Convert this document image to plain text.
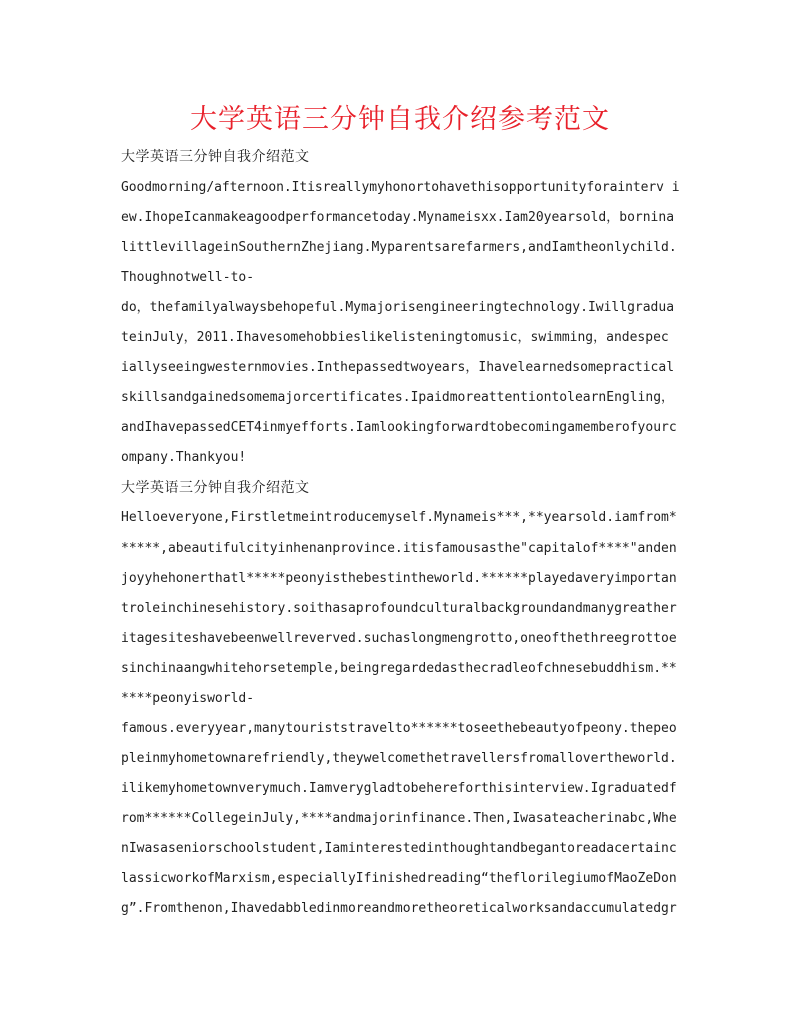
大学英语三分钟自我介绍参考范文
大学英语三分钟自我介绍范文
Goodmorning/afternoon.Itisreallymyhonortohavethisopportunityforainterv i
ew.IhopeIcanmakeagoodperformancetoday.Mynameisxx.Iam20yearsold，bornina
littlevillageinSouthernZhejiang.Myparentsarefarmers,andIamtheonlychild.
Thoughnotwell-to-
do，thefamilyalwaysbehopeful.Mymajorisengineeringtechnology.Iwillgradua
teinJuly，2011.Ihavesomehobbieslikelisteningtomusic，swimming，andespec
iallyseeingwesternmovies.Inthepassedtwoyears，Ihavelearnedsomepractical
skillsandgainedsomemajorcertificates.IpaidmoreattentiontolearnEngling，
andIhavepassedCET4inmyefforts.Iamlookingforwardtobecomingamemberofyourc
ompany.Thankyou!
大学英语三分钟自我介绍范文
Helloeveryone,Firstletmeintroducemyself.Mynameis***,**yearsold.iamfrom*
*****,abeautifulcityinhenanprovince.itisfamousasthe"capitalof****"anden
joyyhehonerthatl*****peonyisthebestintheworld.******playedaveryimportan
troleinchinesehistory.soithasaprofoundculturalbackgroundandmanygreather
itagesiteshavebeenwellreverved.suchaslongmengrotto,oneofthethreegrottoe
sinchinaangwhitehorsetemple,beingregardedasthecradleofchnesebuddhism.**
****peonyisworld-
famous.everyyear,manytouriststravelto******toseethebeautyofpeony.thepeo
pleinmyhometownarefriendly,theywelcomethetravellersfromallovertheworld.
ilikemyhometownverymuch.Iamverygladtobehereforthisinterview.Igraduatedf
rom******CollegeinJuly,****andmajorinfinance.Then,Iwasateacherinabc,Whe
nIwasaseniorschoolstudent,Iaminterestedinthoughtandbegantoreadacertainc
lassicworkofMarxism,especiallyIfinishedreading“theflorilegiumofMaoZeDon
g”.Fromthenon,Ihavedabbledinmoreandmoretheoreticalworksandaccumulatedgr
